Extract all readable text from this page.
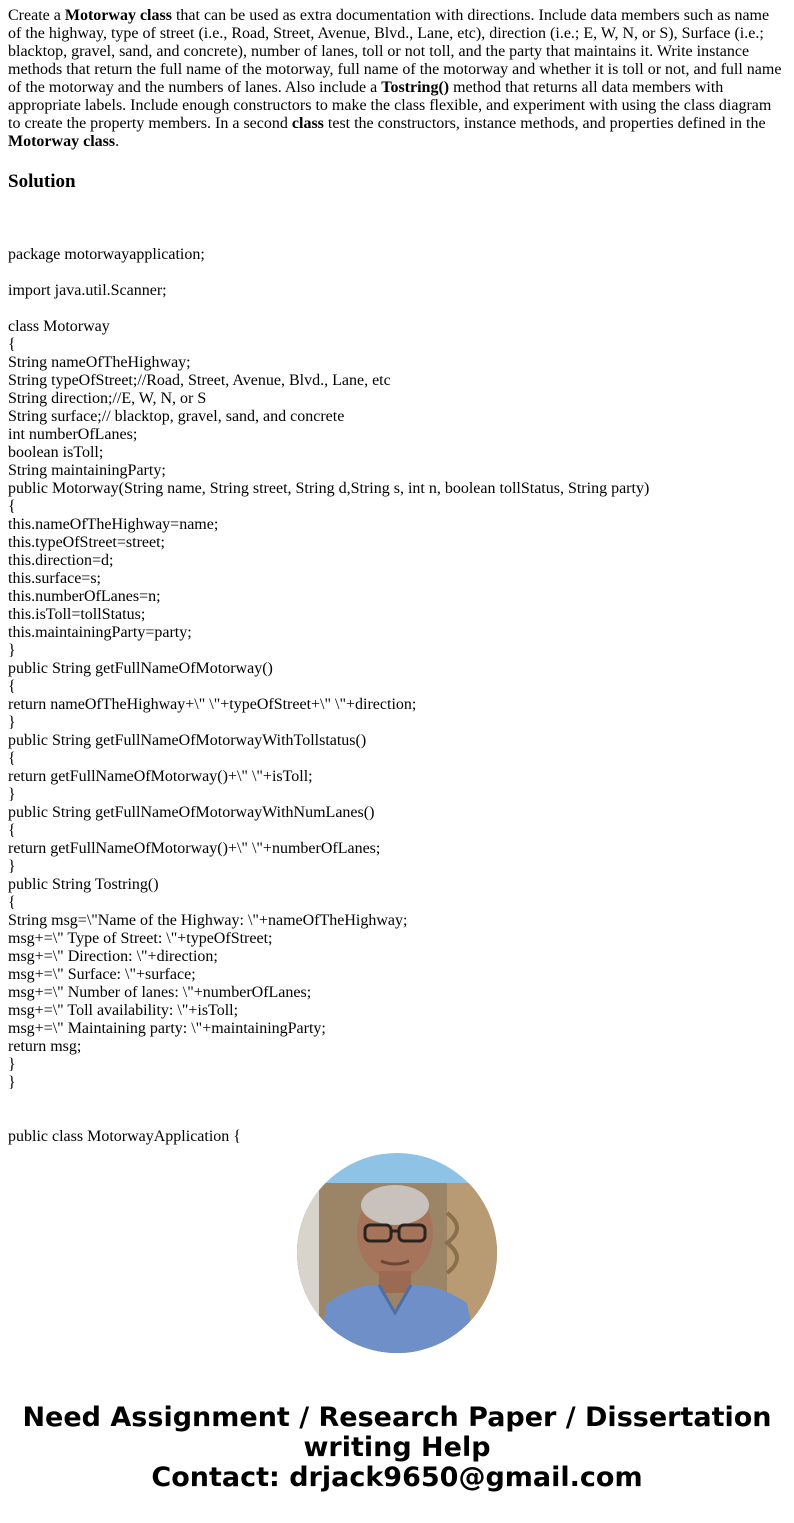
Create a Motorway class that can be used as extra documentation with directions. Include data members such as name of the highway, type of street (i.e., Road, Street, Avenue, Blvd., Lane, etc), direction (i.e.; E, W, N, or S), Surface (i.e.; blacktop, gravel, sand, and concrete), number of lanes, toll or not toll, and the party that maintains it. Write instance methods that return the full name of the motorway, full name of the motorway and whether it is toll or not, and full name of the motorway and the numbers of lanes. Also include a Tostring() method that returns all data members with appropriate labels. Include enough constructors to make the class flexible, and experiment with using the class diagram to create the property members. In a second class test the constructors, instance methods, and properties defined in the Motorway class.

Solution
package motorwayapplication;
import java.util.Scanner;
class Motorway
{
String nameOfTheHighway;
String typeOfStreet;//Road, Street, Avenue, Blvd., Lane, etc
String direction;//E, W, N, or S
String surface;// blacktop, gravel, sand, and concrete
int numberOfLanes;
boolean isToll;
String maintainingParty;
public Motorway(String name, String street, String d,String s, int n, boolean tollStatus, String party)
{
this.nameOfTheHighway=name;
this.typeOfStreet=street;
this.direction=d;
this.surface=s;
this.numberOfLanes=n;
this.isToll=tollStatus;
this.maintainingParty=party;
}
public String getFullNameOfMotorway()
{
return nameOfTheHighway+\" \"+typeOfStreet+\" \"+direction;
}
public String getFullNameOfMotorwayWithTollstatus()
{
return getFullNameOfMotorway()+\" \"+isToll;
}
public String getFullNameOfMotorwayWithNumLanes()
{
return getFullNameOfMotorway()+\" \"+numberOfLanes;
}
public String Tostring()
{
String msg=\"Name of the Highway: \"+nameOfTheHighway;
msg+=\" Type of Street: \"+typeOfStreet;
msg+=\" Direction: \"+direction;
msg+=\" Surface: \"+surface;
msg+=\" Number of lanes: \"+numberOfLanes;
msg+=\" Toll availability: \"+isToll;
msg+=\" Maintaining party: \"+maintainingParty;
return msg;
}
}
public class MotorwayApplication {

Need Assignment / Research Paper / Dissertation
writing Help
Contact: drjack9650@gmail.com
